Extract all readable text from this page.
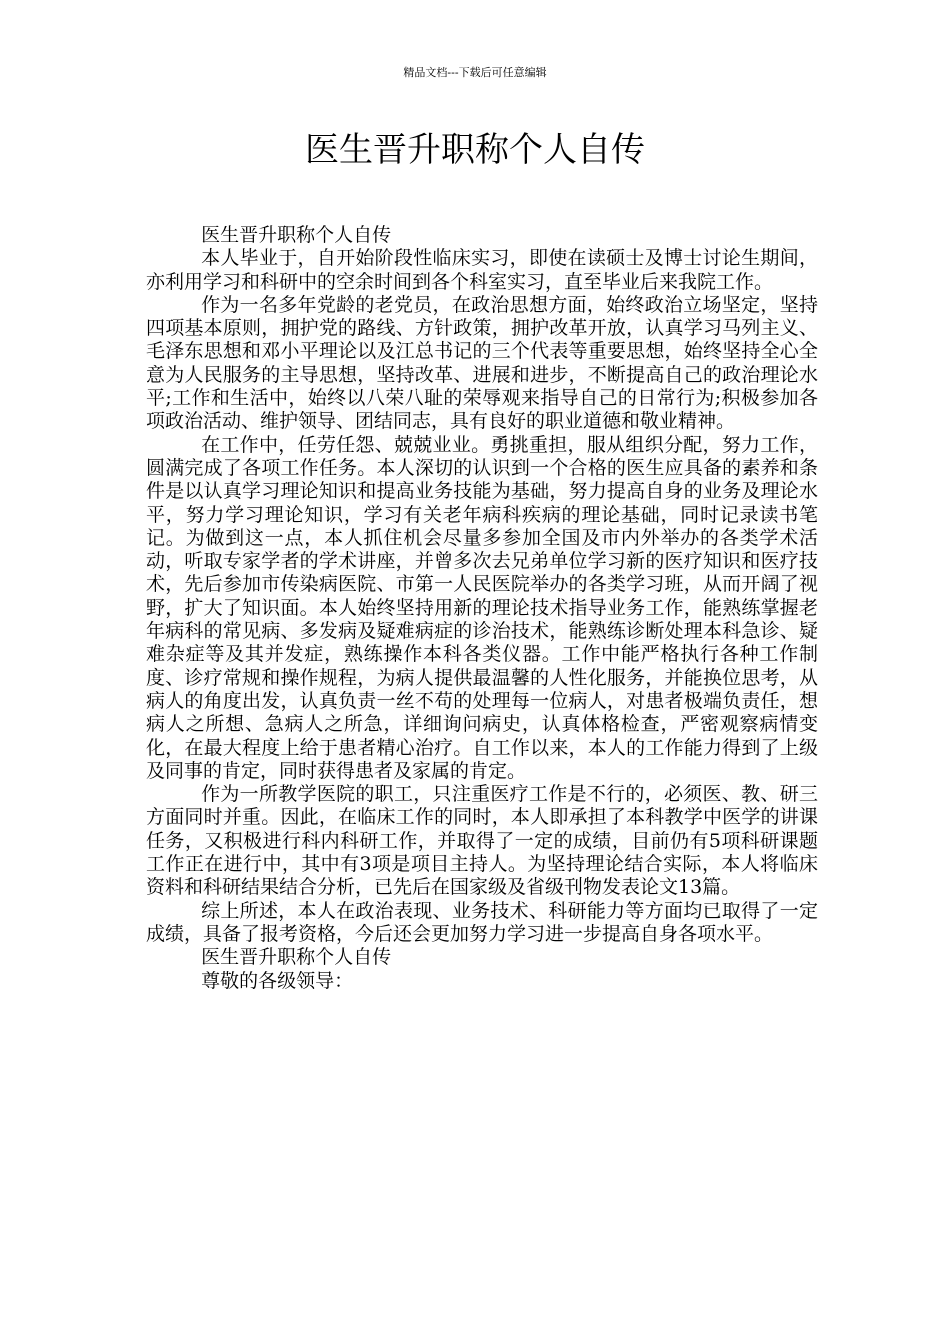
精品文档---下载后可任意编辑
医生晋升职称个人自传

医生晋升职称个人自传

本人毕业于，自开始阶段性临床实习，即使在读硕士及博士讨论生期间，亦利用学习和科研中的空余时间到各个科室实习，直至毕业后来我院工作。

作为一名多年党龄的老党员，在政治思想方面，始终政治立场坚定，坚持四项基本原则，拥护党的路线、方针政策，拥护改革开放，认真学习马列主义、毛泽东思想和邓小平理论以及江总书记的三个代表等重要思想，始终坚持全心全意为人民服务的主导思想，坚持改革、进展和进步，不断提高自己的政治理论水平;工作和生活中，始终以八荣八耻的荣辱观来指导自己的日常行为;积极参加各项政治活动、维护领导、团结同志，具有良好的职业道德和敬业精神。

在工作中，任劳任怨、兢兢业业。勇挑重担，服从组织分配，努力工作，圆满完成了各项工作任务。本人深切的认识到一个合格的医生应具备的素养和条件是以认真学习理论知识和提高业务技能为基础，努力提高自身的业务及理论水平，努力学习理论知识，学习有关老年病科疾病的理论基础，同时记录读书笔记。为做到这一点，本人抓住机会尽量多参加全国及市内外举办的各类学术活动，听取专家学者的学术讲座，并曾多次去兄弟单位学习新的医疗知识和医疗技术，先后参加市传染病医院、市第一人民医院举办的各类学习班，从而开阔了视野，扩大了知识面。本人始终坚持用新的理论技术指导业务工作，能熟练掌握老年病科的常见病、多发病及疑难病症的诊治技术，能熟练诊断处理本科急诊、疑难杂症等及其并发症，熟练操作本科各类仪器。工作中能严格执行各种工作制度、诊疗常规和操作规程，为病人提供最温馨的人性化服务，并能换位思考，从病人的角度出发，认真负责一丝不苟的处理每一位病人，对患者极端负责任，想病人之所想、急病人之所急，详细询问病史，认真体格检查，严密观察病情变化，在最大程度上给于患者精心治疗。自工作以来，本人的工作能力得到了上级及同事的肯定，同时获得患者及家属的肯定。

作为一所教学医院的职工，只注重医疗工作是不行的，必须医、教、研三方面同时并重。因此，在临床工作的同时，本人即承担了本科教学中医学的讲课任务，又积极进行科内科研工作，并取得了一定的成绩，目前仍有5项科研课题工作正在进行中，其中有3项是项目主持人。为坚持理论结合实际，本人将临床资料和科研结果结合分析，已先后在国家级及省级刊物发表论文13篇。

综上所述，本人在政治表现、业务技术、科研能力等方面均已取得了一定成绩，具备了报考资格，今后还会更加努力学习进一步提高自身各项水平。

医生晋升职称个人自传

尊敬的各级领导：
